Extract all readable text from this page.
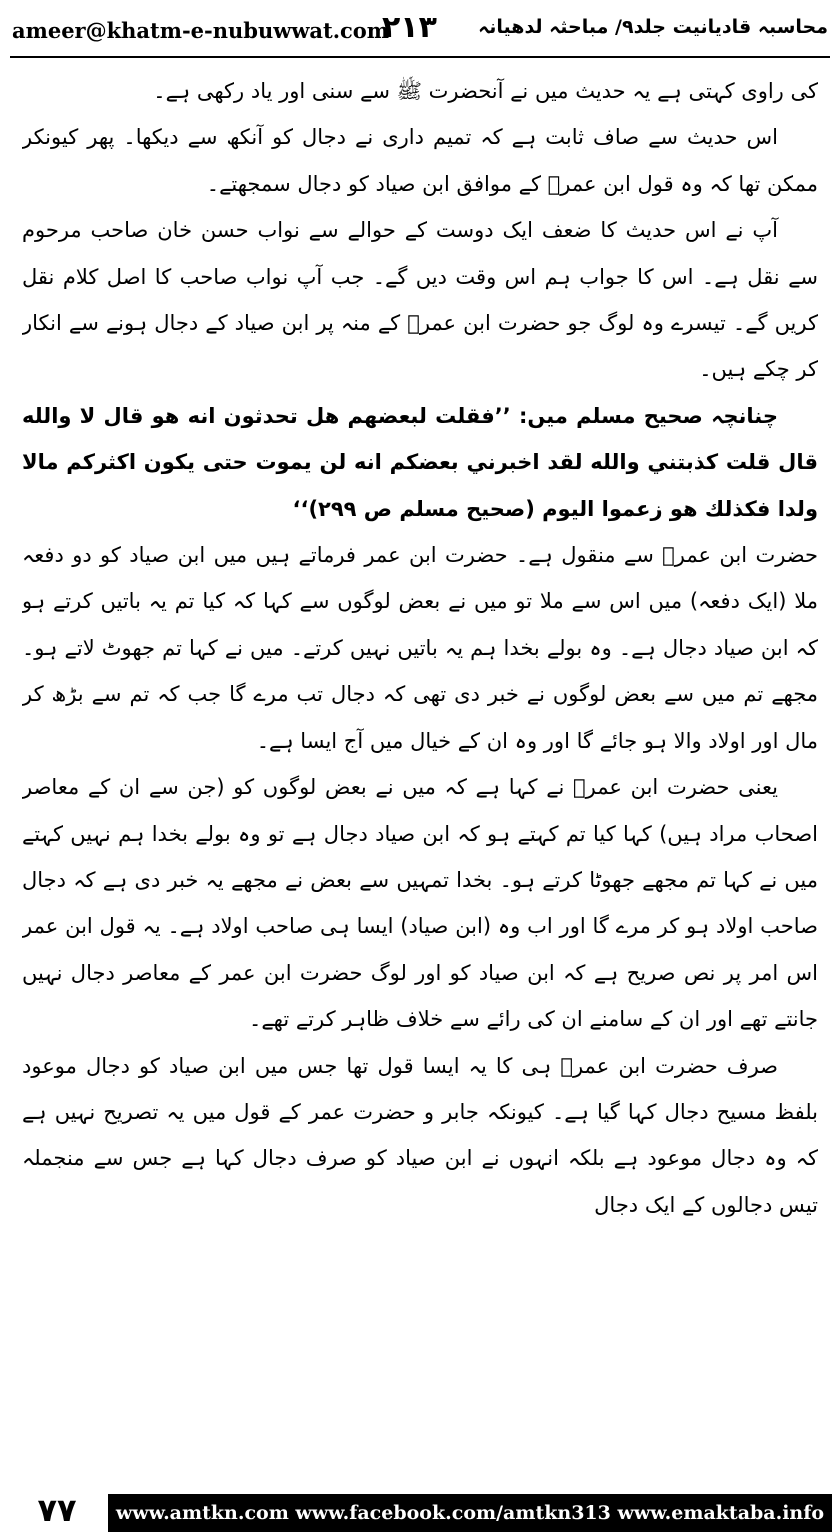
ameer@khatm-e-nubuwwat.com
۲۱۳ محاسبہ قادیانیت جلد۹/ مباحثہ لدھیانہ

کی راوی کہتی ہے یہ حدیث میں نے آنحضرت ﷺ سے سنی اور یاد رکھی ہے۔

اس حدیث سے صاف ثابت ہے کہ تمیم داری نے دجال کو آنکھ سے دیکھا۔ پھر کیونکر ممکن تھا کہ وہ قول ابن عمرؓ کے موافق ابن صیاد کو دجال سمجھتے۔

آپ نے اس حدیث کا ضعف ایک دوست کے حوالے سے نواب حسن خان صاحب مرحوم سے نقل ہے۔ اس کا جواب ہم اس وقت دیں گے۔ جب آپ نواب صاحب کا اصل کلام نقل کریں گے۔ تیسرے وہ لوگ جو حضرت ابن عمرؓ کے منہ پر ابن صیاد کے دجال ہونے سے انکار کر چکے ہیں۔

چنانچہ صحیح مسلم میں: ’’فقلت لبعضهم هل تحدثون انه هو قال لا والله قال قلت كذبتني والله لقد اخبرني بعضكم انه لن يموت حتى يكون اكثركم مالا ولدا فكذلك هو زعموا اليوم (صحیح مسلم ص ۲۹۹)‘‘

حضرت ابن عمرؓ سے منقول ہے۔ حضرت ابن عمر فرماتے ہیں میں ابن صیاد کو دو دفعہ ملا (ایک دفعہ) میں اس سے ملا تو میں نے بعض لوگوں سے کہا کہ کیا تم یہ باتیں کرتے ہو کہ ابن صیاد دجال ہے۔ وہ بولے بخدا ہم یہ باتیں نہیں کرتے۔ میں نے کہا تم جھوٹ لاتے ہو۔ مجھے تم میں سے بعض لوگوں نے خبر دی تھی کہ دجال تب مرے گا جب کہ تم سے بڑھ کر مال اور اولاد والا ہو جائے گا اور وہ ان کے خیال میں آج ایسا ہے۔

یعنی حضرت ابن عمرؓ نے کہا ہے کہ میں نے بعض لوگوں کو (جن سے ان کے معاصر اصحاب مراد ہیں) کہا کیا تم کہتے ہو کہ ابن صیاد دجال ہے تو وہ بولے بخدا ہم نہیں کہتے میں نے کہا تم مجھے جھوٹا کرتے ہو۔ بخدا تمہیں سے بعض نے مجھے یہ خبر دی ہے کہ دجال صاحب اولاد ہو کر مرے گا اور اب وہ (ابن صیاد) ایسا ہی صاحب اولاد ہے۔ یہ قول ابن عمر اس امر پر نص صریح ہے کہ ابن صیاد کو اور لوگ حضرت ابن عمر کے معاصر دجال نہیں جانتے تھے اور ان کے سامنے ان کی رائے سے خلاف ظاہر کرتے تھے۔

صرف حضرت ابن عمرؓ ہی کا یہ ایسا قول تھا جس میں ابن صیاد کو دجال موعود بلفظ مسیح دجال کہا گیا ہے۔ کیونکہ جابر و حضرت عمر کے قول میں یہ تصریح نہیں ہے کہ وہ دجال موعود ہے بلکہ انہوں نے ابن صیاد کو صرف دجال کہا ہے جس سے منجملہ تیس دجالوں کے ایک دجال

۷۷	www.amtkn.com www.facebook.com/amtkn313 www.emaktaba.info
